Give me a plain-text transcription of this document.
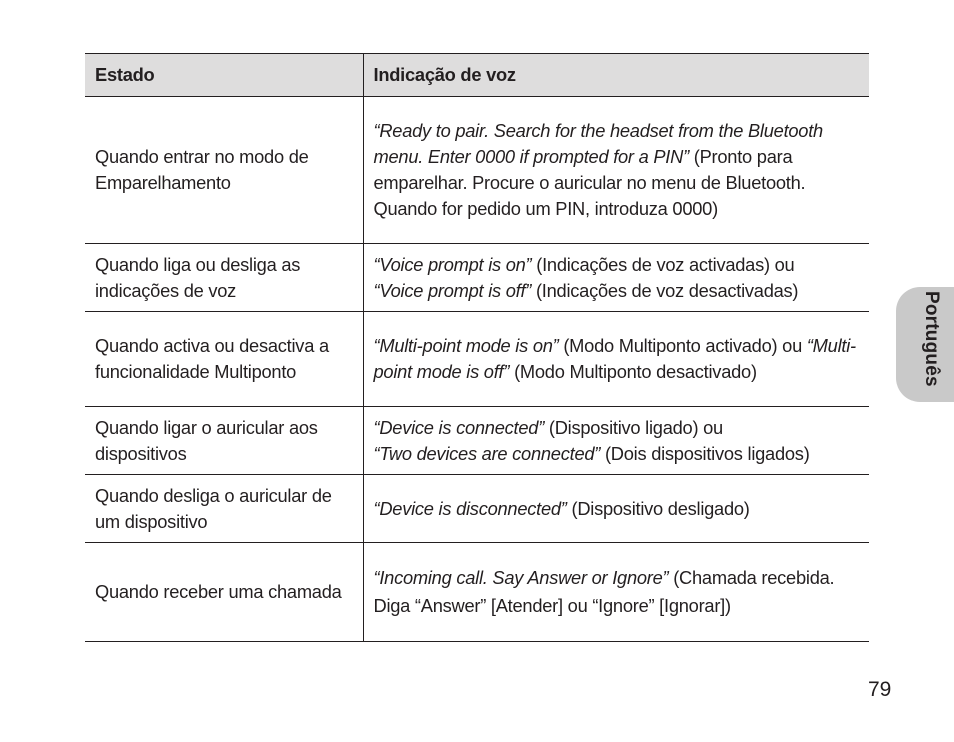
Estado	Indicação de voz
Quando entrar no modo de Emparelhamento	“Ready to pair. Search for the headset from the Bluetooth menu. Enter 0000 if prompted for a PIN” (Pronto para emparelhar. Procure o auricular no menu de Bluetooth. Quando for pedido um PIN, introduza 0000)
Quando liga ou desliga as indicações de voz	“Voice prompt is on” (Indicações de voz activadas) ou
“Voice prompt is off” (Indicações de voz desactivadas)
Quando activa ou desactiva a funcionalidade Multiponto	“Multi-point mode is on” (Modo Multiponto activado) ou “Multi-point mode is off” (Modo Multiponto desactivado)
Quando ligar o auricular aos dispositivos	“Device is connected” (Dispositivo ligado) ou
“Two devices are connected” (Dois dispositivos ligados)
Quando desliga o auricular de um dispositivo	“Device is disconnected” (Dispositivo desligado)
Quando receber uma chamada	“Incoming call. Say Answer or Ignore” (Chamada recebida. Diga “Answer” [Atender] ou “Ignore” [Ignorar])
Português
79
